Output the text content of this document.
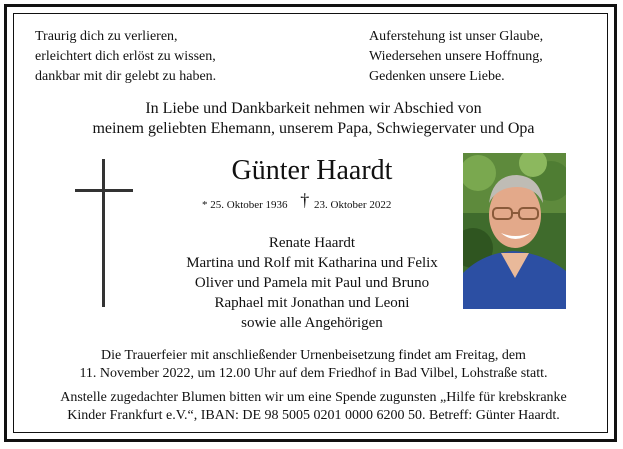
Traurig dich zu verlieren,
erleichtert dich erlöst zu wissen,
dankbar mit dir gelebt zu haben.
Auferstehung ist unser Glaube,
Wiedersehen unsere Hoffnung,
Gedenken unsere Liebe.
In Liebe und Dankbarkeit nehmen wir Abschied von
meinem geliebten Ehemann, unserem Papa, Schwiegervater und Opa
Günter Haardt
* 25. Oktober 1936 † 23. Oktober 2022
Renate Haardt
Martina und Rolf mit Katharina und Felix
Oliver und Pamela mit Paul und Bruno
Raphael mit Jonathan und Leoni
sowie alle Angehörigen
Die Trauerfeier mit anschließender Urnenbeisetzung findet am Freitag, dem
11. November 2022, um 12.00 Uhr auf dem Friedhof in Bad Vilbel, Lohstraße statt.
Anstelle zugedachter Blumen bitten wir um eine Spende zugunsten „Hilfe für krebskranke
Kinder Frankfurt e.V.“, IBAN: DE 98 5005 0201 0000 6200 50. Betreff: Günter Haardt.
